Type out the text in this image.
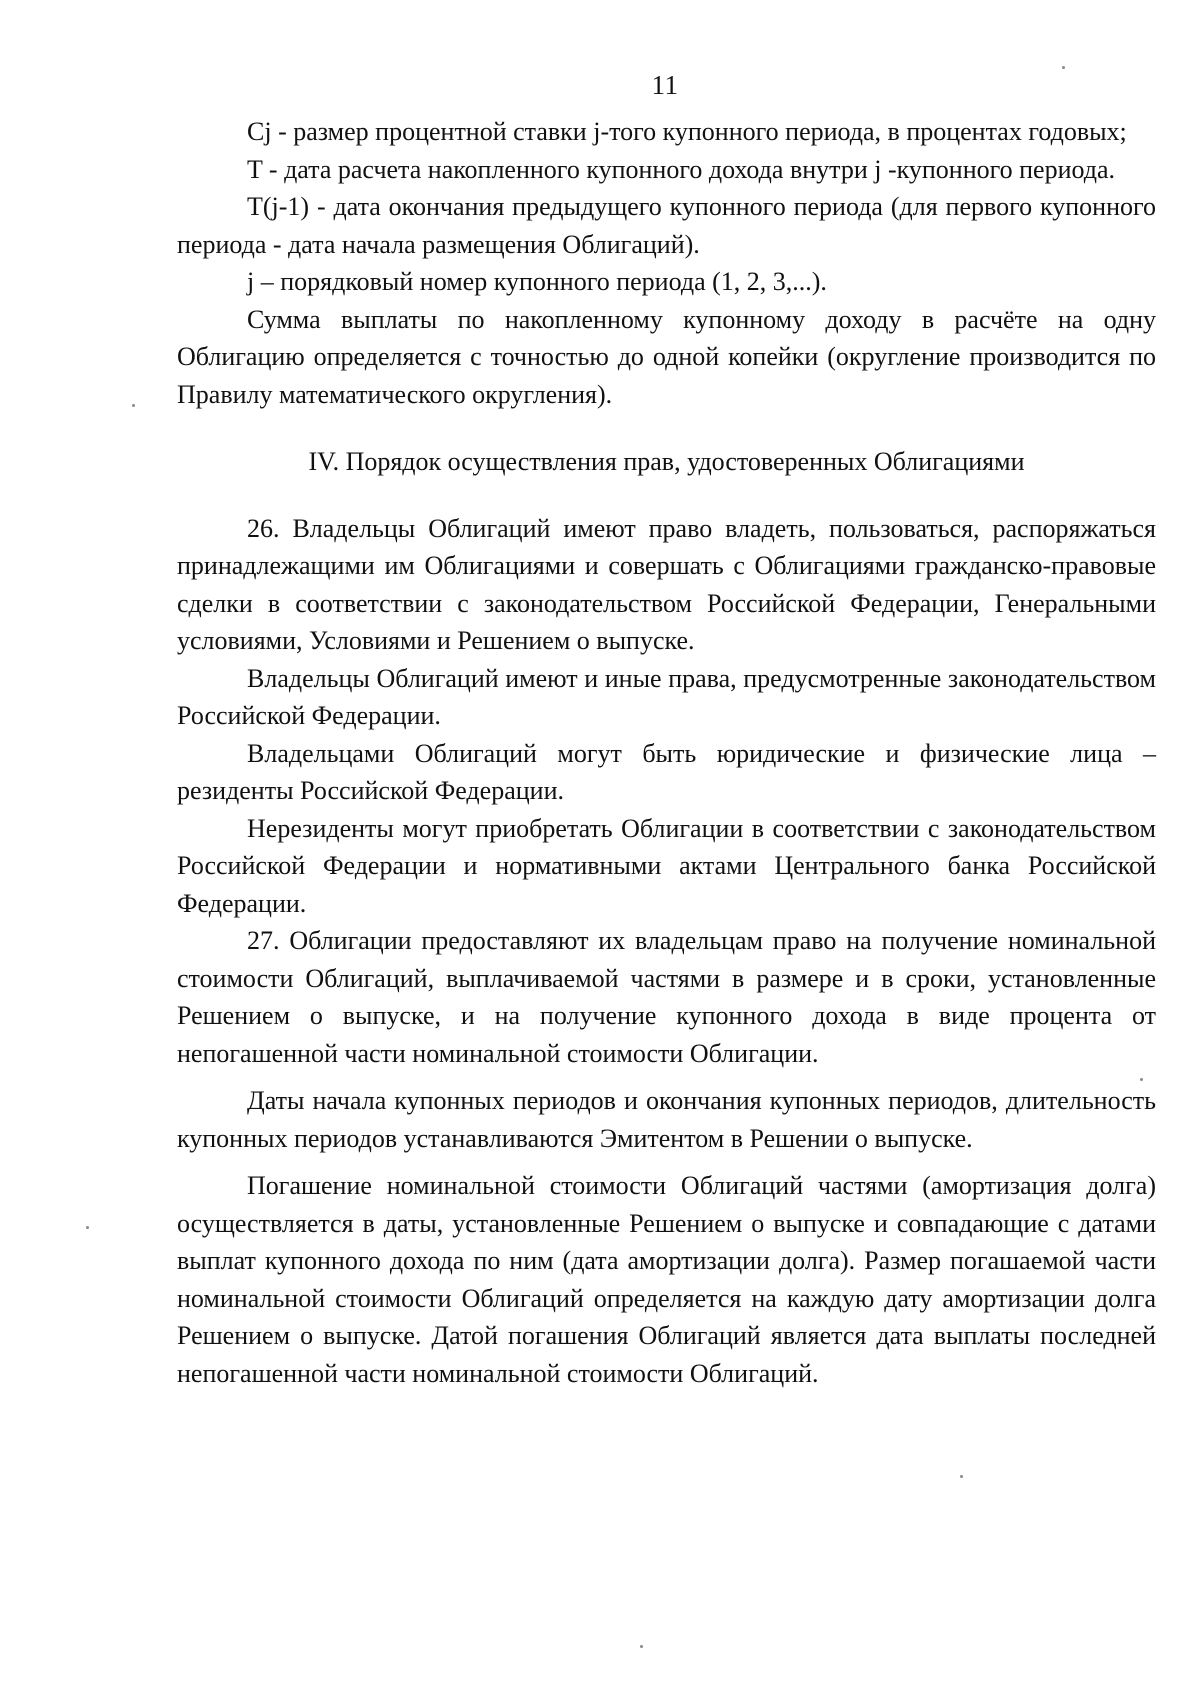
11

Cj - размер процентной ставки j-того купонного периода, в процентах годовых;

T - дата расчета накопленного купонного дохода внутри j -купонного периода.

T(j-1) - дата окончания предыдущего купонного периода (для первого купонного периода - дата начала размещения Облигаций).

j – порядковый номер купонного периода (1, 2, 3,...).

Сумма выплаты по накопленному купонному доходу в расчёте на одну Облигацию определяется с точностью до одной копейки (округление производится по Правилу математического округления).

IV. Порядок осуществления прав, удостоверенных Облигациями

26. Владельцы Облигаций имеют право владеть, пользоваться, распоряжаться принадлежащими им Облигациями и совершать с Облигациями гражданско-правовые сделки в соответствии с законодательством Российской Федерации, Генеральными условиями, Условиями и Решением о выпуске.

Владельцы Облигаций имеют и иные права, предусмотренные законодательством Российской Федерации.

Владельцами Облигаций могут быть юридические и физические лица – резиденты Российской Федерации.

Нерезиденты могут приобретать Облигации в соответствии с законодательством Российской Федерации и нормативными актами Центрального банка Российской Федерации.

27. Облигации предоставляют их владельцам право на получение номинальной стоимости Облигаций, выплачиваемой частями в размере и в сроки, установленные Решением о выпуске, и на получение купонного дохода в виде процента от непогашенной части номинальной стоимости Облигации.

Даты начала купонных периодов и окончания купонных периодов, длительность купонных периодов устанавливаются Эмитентом в Решении о выпуске.

Погашение номинальной стоимости Облигаций частями (амортизация долга) осуществляется в даты, установленные Решением о выпуске и совпадающие с датами выплат купонного дохода по ним (дата амортизации долга). Размер погашаемой части номинальной стоимости Облигаций определяется на каждую дату амортизации долга Решением о выпуске. Датой погашения Облигаций является дата выплаты последней непогашенной части номинальной стоимости Облигаций.
